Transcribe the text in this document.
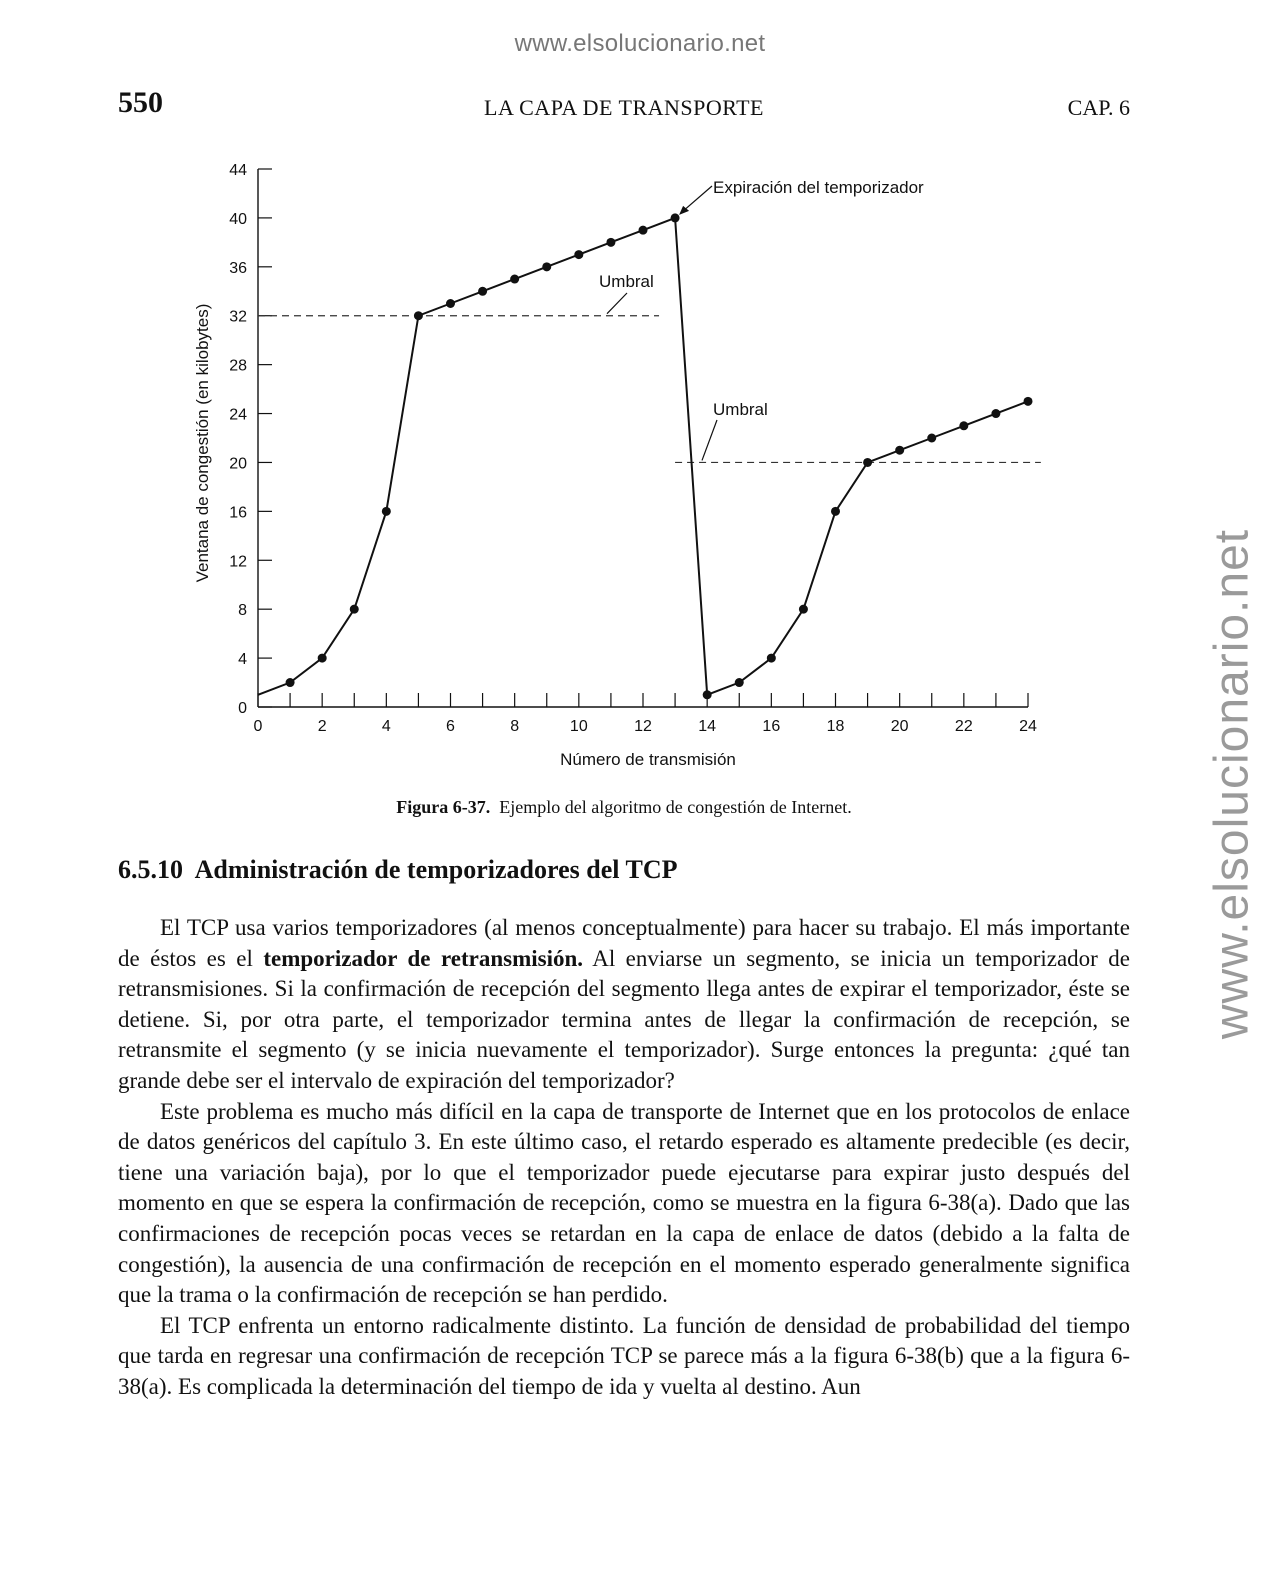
www.elsolucionario.net
www.elsolucionario.net
550	LA CAPA DE TRANSPORTE	CAP. 6
0
4
8
12
16
20
24
28
32
36
40
44
0	2	4	6	8	10	12	14	16	18	20	22	24
Número de transmisión
Ventana de congestión (en kilobytes)
Umbral
Umbral
Expiración del temporizador
Figura 6-37. Ejemplo del algoritmo de congestión de Internet.
6.5.10 Administración de temporizadores del TCP

El TCP usa varios temporizadores (al menos conceptualmente) para hacer su trabajo. El más importante de éstos es el temporizador de retransmisión. Al enviarse un segmento, se inicia un temporizador de retransmisiones. Si la confirmación de recepción del segmento llega antes de expirar el temporizador, éste se detiene. Si, por otra parte, el temporizador termina antes de llegar la confirmación de recepción, se retransmite el segmento (y se inicia nuevamente el temporizador). Surge entonces la pregunta: ¿qué tan grande debe ser el intervalo de expiración del temporizador?

Este problema es mucho más difícil en la capa de transporte de Internet que en los protocolos de enlace de datos genéricos del capítulo 3. En este último caso, el retardo esperado es altamente predecible (es decir, tiene una variación baja), por lo que el temporizador puede ejecutarse para expirar justo después del momento en que se espera la confirmación de recepción, como se muestra en la figura 6-38(a). Dado que las confirmaciones de recepción pocas veces se retardan en la capa de enlace de datos (debido a la falta de congestión), la ausencia de una confirmación de recepción en el momento esperado generalmente significa que la trama o la confirmación de recepción se han perdido.

El TCP enfrenta un entorno radicalmente distinto. La función de densidad de probabilidad del tiempo que tarda en regresar una confirmación de recepción TCP se parece más a la figura 6-38(b) que a la figura 6-38(a). Es complicada la determinación del tiempo de ida y vuelta al destino. Aun
